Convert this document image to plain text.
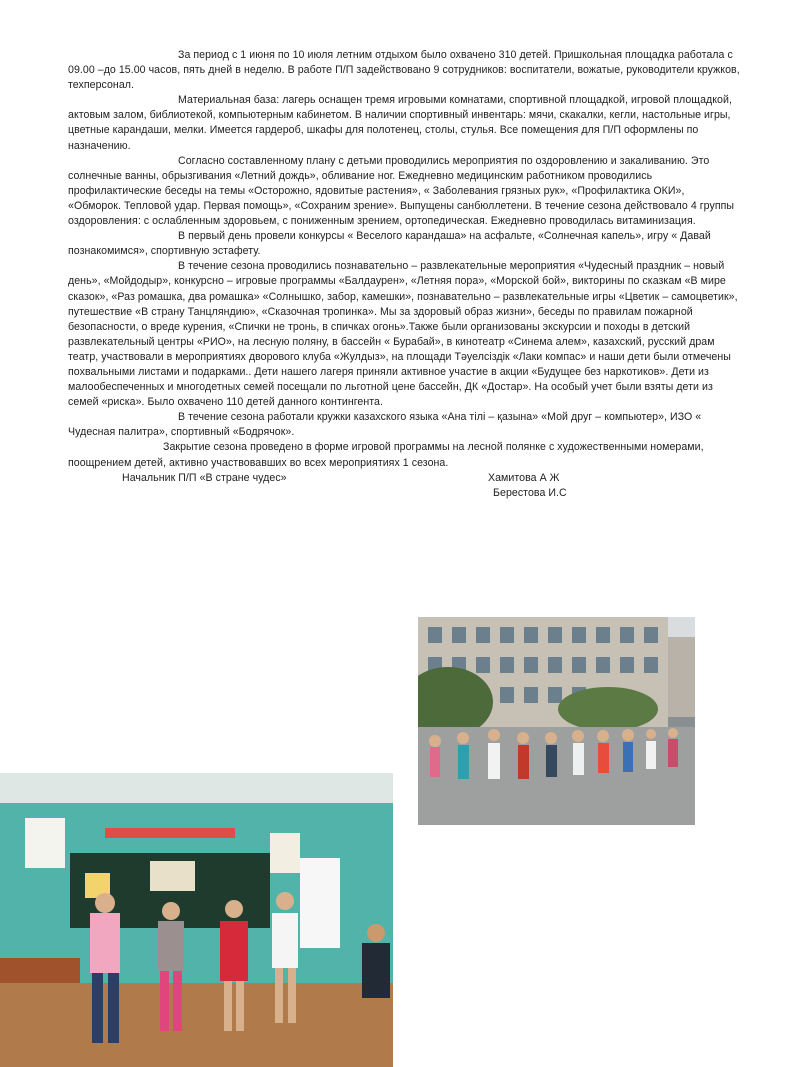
За период с 1 июня по 10 июля летним отдыхом было охвачено 310 детей. Пришкольная площадка работала с 09.00 –до 15.00 часов, пять дней в неделю. В работе П/П задействовано 9 сотрудников: воспитатели, вожатые, руководители кружков, техперсонал.

Материальная база: лагерь оснащен тремя игровыми комнатами, спортивной площадкой, игровой площадкой, актовым залом, библиотекой, компьютерным кабинетом. В наличии спортивный инвентарь: мячи, скакалки, кегли, настольные игры, цветные карандаши, мелки. Имеется гардероб, шкафы для полотенец, столы, стулья. Все помещения для П/П оформлены по назначению.

Согласно составленному плану с детьми проводились мероприятия по оздоровлению и закаливанию. Это солнечные ванны, обрызгивания «Летний дождь», обливание ног. Ежедневно медицинским работником проводились профилактические беседы на темы «Осторожно, ядовитые растения», « Заболевания грязных рук», «Профилактика ОКИ», «Обморок. Тепловой удар. Первая помощь», «Сохраним зрение». Выпущены санбюллетени. В течение сезона действовало 4 группы оздоровления: с ослабленным здоровьем, с пониженным зрением, ортопедическая. Ежедневно проводилась витаминизация.

В первый день провели конкурсы « Веселого карандаша» на асфальте, «Солнечная капель», игру « Давай познакомимся», спортивную эстафету.

В течение сезона проводились познавательно – развлекательные мероприятия «Чудесный праздник – новый день», «Мойдодыр», конкурсно – игровые программы «Балдаурен», «Летняя пора», «Морской бой», викторины по сказкам «В мире сказок», «Раз ромашка, два ромашка» «Солнышко, забор, камешки», познавательно – развлекательные игры «Цветик – самоцветик», путешествие «В страну Танцляндию», «Сказочная тропинка». Мы за здоровый образ жизни», беседы по правилам пожарной безопасности, о вреде курения, «Спички не тронь, в спичках огонь».Также были организованы экскурсии и походы в детский развлекательный центры «РИО», на лесную поляну, в бассейн « Бурабай», в кинотеатр «Синема алем», казахский, русский драм театр, участвовали в мероприятиях дворового клуба «Жулдыз», на площади Тәуелсіздік «Лаки компас» и наши дети были отмечены похвальными листами и подарками.. Дети нашего лагеря приняли активное участие в акции «Будущее без наркотиков». Дети из малообеспеченных и многодетных семей посещали по льготной цене бассейн, ДК «Достар». На особый учет были взяты дети из семей «риска». Было охвачено 110 детей данного контингента.

В течение сезона работали кружки казахского языка «Ана тілі – қазына» «Мой друг – компьютер», ИЗО « Чудесная палитра», спортивный «Бодрячок».

Закрытие сезона проведено в форме игровой программы на лесной полянке с художественными номерами, поощрением детей, активно участвовавших во всех мероприятиях 1 сезона.

Начальник П/П «В стране чудес»	Хамитова А Ж
Берестова И.С
